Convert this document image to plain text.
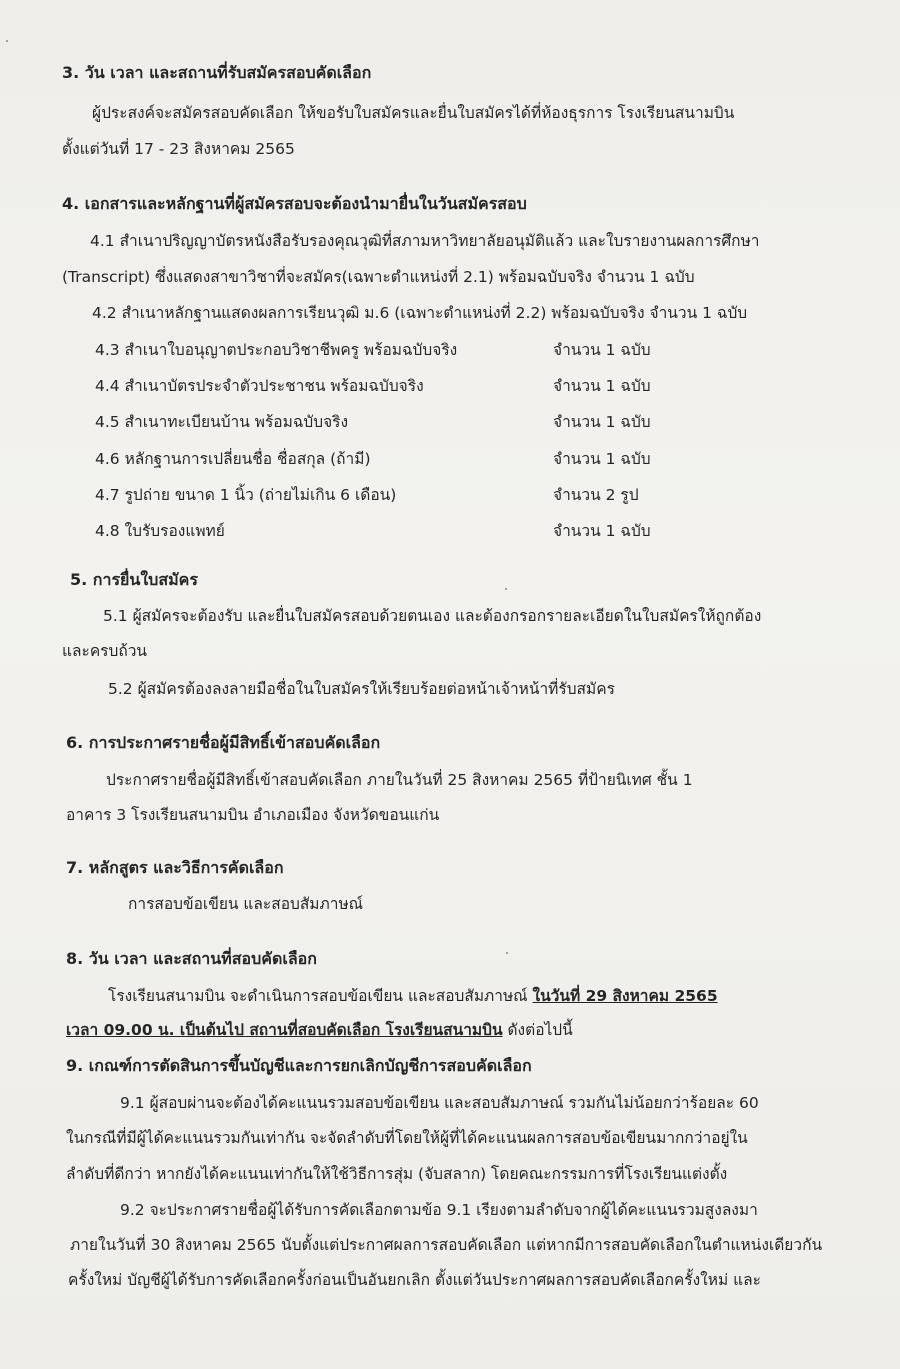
3. วัน เวลา และสถานที่รับสมัครสอบคัดเลือก
ผู้ประสงค์จะสมัครสอบคัดเลือก ให้ขอรับใบสมัครและยื่นใบสมัครได้ที่ห้องธุรการ โรงเรียนสนามบิน
ตั้งแต่วันที่ 17 - 23 สิงหาคม 2565
4. เอกสารและหลักฐานที่ผู้สมัครสอบจะต้องนำมายื่นในวันสมัครสอบ
4.1 สำเนาปริญญาบัตรหนังสือรับรองคุณวุฒิที่สภามหาวิทยาลัยอนุมัติแล้ว และใบรายงานผลการศึกษา
(Transcript) ซึ่งแสดงสาขาวิชาที่จะสมัคร(เฉพาะตำแหน่งที่ 2.1) พร้อมฉบับจริง จำนวน 1 ฉบับ
4.2 สำเนาหลักฐานแสดงผลการเรียนวุฒิ ม.6 (เฉพาะตำแหน่งที่ 2.2) พร้อมฉบับจริง จำนวน 1 ฉบับ
4.3 สำเนาใบอนุญาตประกอบวิชาชีพครู พร้อมฉบับจริง	จำนวน 1 ฉบับ
4.4 สำเนาบัตรประจำตัวประชาชน พร้อมฉบับจริง	จำนวน 1 ฉบับ
4.5 สำเนาทะเบียนบ้าน พร้อมฉบับจริง	จำนวน 1 ฉบับ
4.6 หลักฐานการเปลี่ยนชื่อ ชื่อสกุล (ถ้ามี)	จำนวน 1 ฉบับ
4.7 รูปถ่าย ขนาด 1 นิ้ว (ถ่ายไม่เกิน 6 เดือน)	จำนวน 2 รูป
4.8 ใบรับรองแพทย์	จำนวน 1 ฉบับ
5. การยื่นใบสมัคร
5.1 ผู้สมัครจะต้องรับ และยื่นใบสมัครสอบด้วยตนเอง และต้องกรอกรายละเอียดในใบสมัครให้ถูกต้อง
และครบถ้วน
5.2 ผู้สมัครต้องลงลายมือชื่อในใบสมัครให้เรียบร้อยต่อหน้าเจ้าหน้าที่รับสมัคร
6. การประกาศรายชื่อผู้มีสิทธิ์เข้าสอบคัดเลือก
ประกาศรายชื่อผู้มีสิทธิ์เข้าสอบคัดเลือก ภายในวันที่ 25 สิงหาคม 2565 ที่ป้ายนิเทศ ชั้น 1
อาคาร 3 โรงเรียนสนามบิน อำเภอเมือง จังหวัดขอนแก่น
7. หลักสูตร และวิธีการคัดเลือก
การสอบข้อเขียน และสอบสัมภาษณ์
8. วัน เวลา และสถานที่สอบคัดเลือก
โรงเรียนสนามบิน จะดำเนินการสอบข้อเขียน และสอบสัมภาษณ์ ในวันที่ 29 สิงหาคม 2565
เวลา 09.00 น. เป็นต้นไป สถานที่สอบคัดเลือก โรงเรียนสนามบิน ดังต่อไปนี้
9. เกณฑ์การตัดสินการขึ้นบัญชีและการยกเลิกบัญชีการสอบคัดเลือก
9.1 ผู้สอบผ่านจะต้องได้คะแนนรวมสอบข้อเขียน และสอบสัมภาษณ์ รวมกันไม่น้อยกว่าร้อยละ 60
ในกรณีที่มีผู้ได้คะแนนรวมกันเท่ากัน จะจัดลำดับที่โดยให้ผู้ที่ได้คะแนนผลการสอบข้อเขียนมากกว่าอยู่ใน
ลำดับที่ดีกว่า หากยังได้คะแนนเท่ากันให้ใช้วิธีการสุ่ม (จับสลาก) โดยคณะกรรมการที่โรงเรียนแต่งตั้ง
9.2 จะประกาศรายชื่อผู้ได้รับการคัดเลือกตามข้อ 9.1 เรียงตามลำดับจากผู้ได้คะแนนรวมสูงลงมา
ภายในวันที่ 30 สิงหาคม 2565 นับตั้งแต่ประกาศผลการสอบคัดเลือก แต่หากมีการสอบคัดเลือกในตำแหน่งเดียวกัน
ครั้งใหม่ บัญชีผู้ได้รับการคัดเลือกครั้งก่อนเป็นอันยกเลิก ตั้งแต่วันประกาศผลการสอบคัดเลือกครั้งใหม่ และ
